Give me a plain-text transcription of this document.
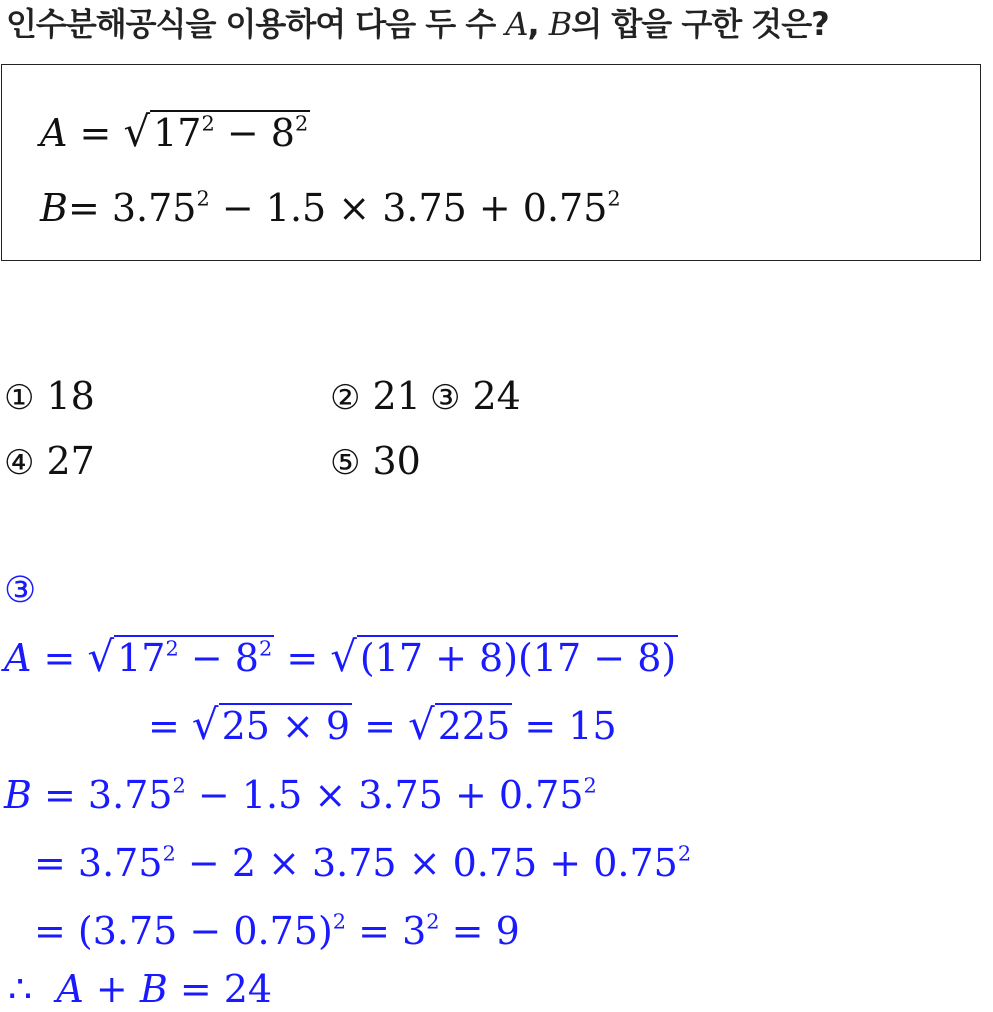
인수분해공식을 이용하여 다음 두 수 A, B의 합을 구한 것은?
$A = √17^2 - 8^2$
$B= 3.75^2 - 1.5 \times 3.75 + 0.75^2$
① 18	② 21 ③ 24
④ 27	⑤ 30
③
$A = √17^2 - 8^2 = √(17 + 8)(17 - 8)$
= √25 × 9 = √225 = 15
$B = 3.75^2 - 1.5 \times 3.75 + 0.75^2$
= $3.75^2 - 2 \times 3.75 \times 0.75 + 0.75^2$
= $(3.75 - 0.75)^2 = 3^2 = 9$
∴ A + B = 24
